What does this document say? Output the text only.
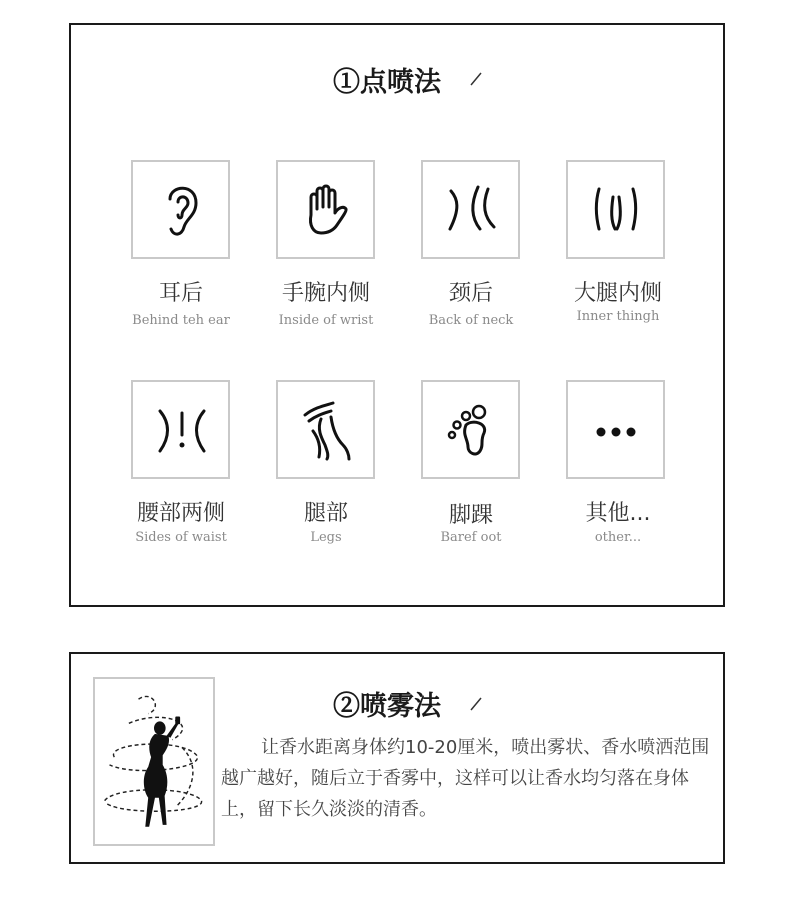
①点喷法
耳后	手腕内侧	颈后	大腿内侧
Behind teh ear	Inside of wrist	Back of neck	Inner thingh
腰部两侧	腿部	脚踝	其他...
Sides of waist	Legs	Baref oot	other...
②喷雾法

让香水距离身体约10-20厘米，喷出雾状、香水喷洒范围越广越好，随后立于香雾中，这样可以让香水均匀落在身体上，留下长久淡淡的清香。
